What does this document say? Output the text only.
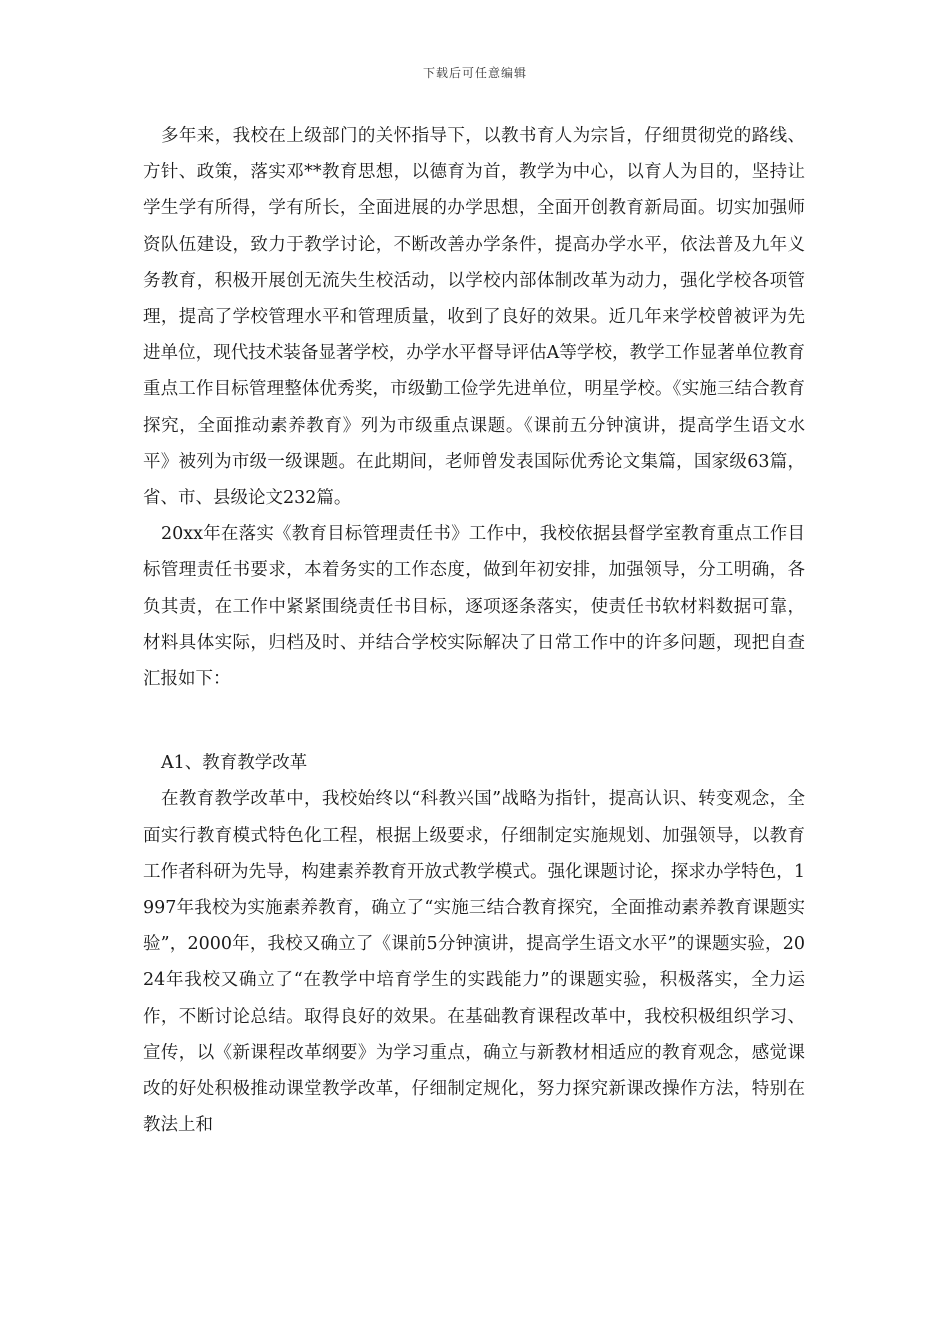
下载后可任意编辑

多年来，我校在上级部门的关怀指导下，以教书育人为宗旨，仔细贯彻党的路线、方针、政策，落实邓**教育思想，以德育为首，教学为中心，以育人为目的，坚持让学生学有所得，学有所长，全面进展的办学思想，全面开创教育新局面。切实加强师资队伍建设，致力于教学讨论，不断改善办学条件，提高办学水平，依法普及九年义务教育，积极开展创无流失生校活动，以学校内部体制改革为动力，强化学校各项管理，提高了学校管理水平和管理质量，收到了良好的效果。近几年来学校曾被评为先进单位，现代技术装备显著学校，办学水平督导评估A等学校，教学工作显著单位教育重点工作目标管理整体优秀奖，市级勤工俭学先进单位，明星学校。《实施三结合教育探究，全面推动素养教育》列为市级重点课题。《课前五分钟演讲，提高学生语文水平》被列为市级一级课题。在此期间，老师曾发表国际优秀论文集篇，国家级63篇，省、市、县级论文232篇。

20xx年在落实《教育目标管理责任书》工作中，我校依据县督学室教育重点工作目标管理责任书要求，本着务实的工作态度，做到年初安排，加强领导，分工明确，各负其责，在工作中紧紧围绕责任书目标，逐项逐条落实，使责任书软材料数据可靠，材料具体实际，归档及时、并结合学校实际解决了日常工作中的许多问题，现把自查汇报如下：

A1、教育教学改革

在教育教学改革中，我校始终以“科教兴国”战略为指针，提高认识、转变观念，全面实行教育模式特色化工程，根据上级要求，仔细制定实施规划、加强领导，以教育工作者科研为先导，构建素养教育开放式教学模式。强化课题讨论，探求办学特色，1997年我校为实施素养教育，确立了“实施三结合教育探究，全面推动素养教育课题实验”，2000年，我校又确立了《课前5分钟演讲，提高学生语文水平”的课题实验，2024年我校又确立了“在教学中培育学生的实践能力”的课题实验，积极落实，全力运作，不断讨论总结。取得良好的效果。在基础教育课程改革中，我校积极组织学习、宣传，以《新课程改革纲要》为学习重点，确立与新教材相适应的教育观念，感觉课改的好处积极推动课堂教学改革，仔细制定规化，努力探究新课改操作方法，特别在教法上和
